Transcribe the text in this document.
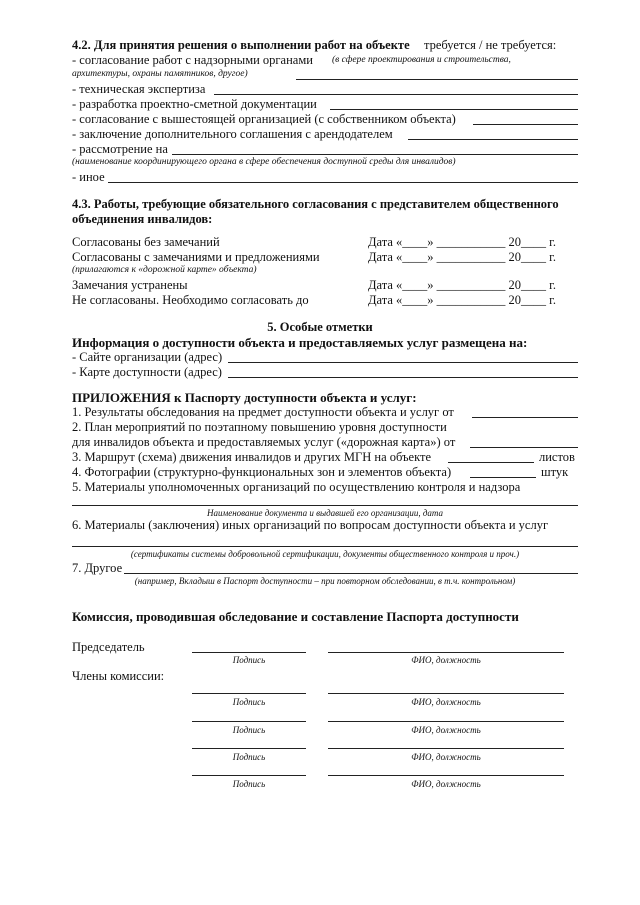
4.2. Для принятия решения о выполнении работ на объекте требуется / не требуется:
- согласование работ с надзорными органами (в сфере проектирования и строительства,
архитектуры, охраны памятников, другое)
- техническая экспертиза
- разработка проектно-сметной документации
- согласование с вышестоящей организацией (с собственником объекта)
- заключение дополнительного соглашения с арендодателем
- рассмотрение на
(наименование координирующего органа в сфере обеспечения доступной среды для инвалидов)
- иное
4.3. Работы, требующие обязательного согласования с представителем общественного
объединения инвалидов:
Согласованы без замечаний	Дата «____» ___________ 20____ г.
Согласованы с замечаниями и предложениями	Дата «____» ___________ 20____ г.
(прилагаются к «дорожной карте» объекта)
Замечания устранены	Дата «____» ___________ 20____ г.
Не согласованы. Необходимо согласовать до	Дата «____» ___________ 20____ г.
5. Особые отметки
Информация о доступности объекта и предоставляемых услуг размещена на:
- Сайте организации (адрес)
- Карте доступности (адрес)
ПРИЛОЖЕНИЯ к Паспорту доступности объекта и услуг:
1. Результаты обследования на предмет доступности объекта и услуг от
2. План мероприятий по поэтапному повышению уровня доступности
для инвалидов объекта и предоставляемых услуг («дорожная карта») от
3. Маршрут (схема) движения инвалидов и других МГН на объекте	листов
4. Фотографии (структурно-функциональных зон и элементов объекта)	штук
5. Материалы уполномоченных организаций по осуществлению контроля и надзора
Наименование документа и выдавшей его организации, дата
6. Материалы (заключения) иных организаций по вопросам доступности объекта и услуг
(сертификаты системы добровольной сертификации, документы общественного контроля и проч.)
7. Другое
(например, Вкладыш в Паспорт доступности – при повторном обследовании, в т.ч. контрольном)
Комиссия, проводившая обследование и составление Паспорта доступности
Председатель
Подпись	ФИО, должность
Члены комиссии:
Подпись	ФИО, должность
Подпись	ФИО, должность
Подпись	ФИО, должность
Подпись	ФИО, должность
